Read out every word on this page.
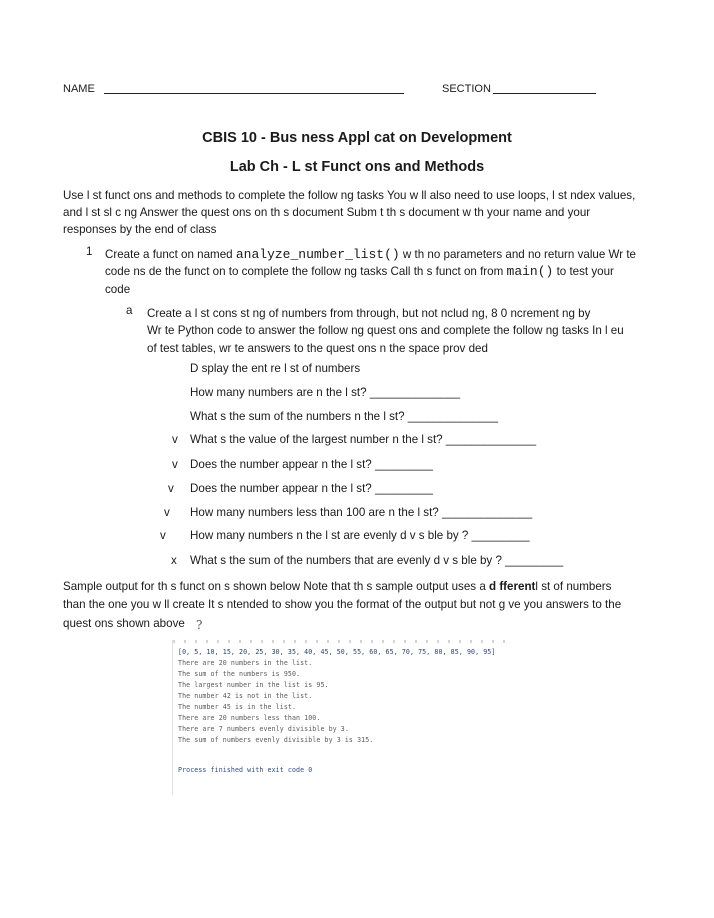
NAME	SECTION
CBIS 10 - Bus ness Appl cat on Development
Lab Ch - L st Funct ons and Methods
Use l st funct ons and methods to complete the follow ng tasks You w ll also need to use loops, l st ndex values,
and l st sl c ng Answer the quest ons on th s document Subm t th s document w th your name and your
responses by the end of class
1 Create a funct on named analyze_number_list() w th no parameters and no return value Wr te
code ns de the funct on to complete the follow ng tasks Call th s funct on from main() to test your
code
a Create a l st cons st ng of numbers from through, but not nclud ng, 8 0 ncrement ng by
Wr te Python code to answer the follow ng quest ons and complete the follow ng tasks In l eu
of test tables, wr te answers to the quest ons n the space prov ded
D splay the ent re l st of numbers
How many numbers are n the l st? ______________
What s the sum of the numbers n the l st? ______________
v What s the value of the largest number n the l st? ______________
v Does the number appear n the l st? _________
v Does the number appear n the l st? _________
v How many numbers less than 100 are n the l st? ______________
v How many numbers n the l st are evenly d v s ble by ? _________
x What s the sum of the numbers that are evenly d v s ble by ? _________
Sample output for th s funct on s shown below Note that th s sample output uses a d fferentl st of numbers
than the one you w ll create It s ntended to show you the format of the output but not g ve you answers to the
quest ons shown above ?
[0, 5, 10, 15, 20, 25, 30, 35, 40, 45, 50, 55, 60, 65, 70, 75, 80, 85, 90, 95]
There are 20 numbers in the list.
The sum of the numbers is 950.
The largest number in the list is 95.
The number 42 is not in the list.
The number 45 is in the list.
There are 20 numbers less than 100.
There are 7 numbers evenly divisible by 3.
The sum of numbers evenly divisible by 3 is 315.
Process finished with exit code 0
